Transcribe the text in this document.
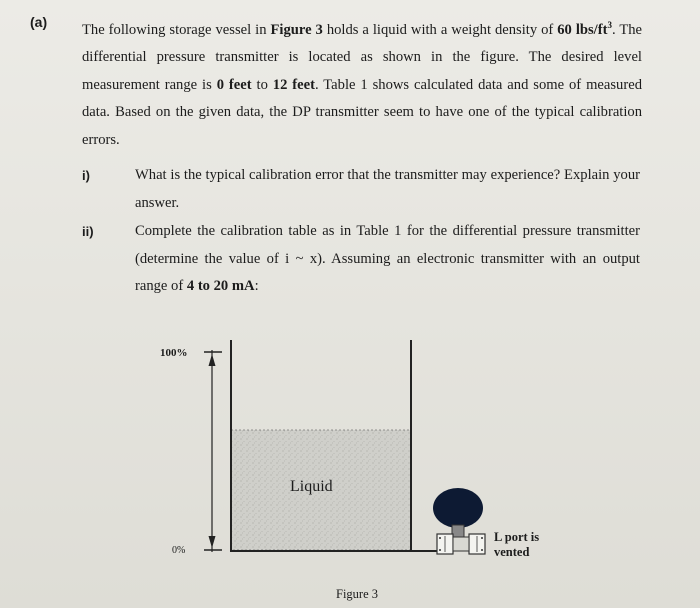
(a) The following storage vessel in Figure 3 holds a liquid with a weight density of 60 lbs/$ft^3$. The differential pressure transmitter is located as shown in the figure. The desired level measurement range is 0 feet to 12 feet. Table 1 shows calculated data and some of measured data. Based on the given data, the DP transmitter seem to have one of the typical calibration errors.
i)	What is the typical calibration error that the transmitter may experience? Explain your answer.
ii)	Complete the calibration table as in Table 1 for the differential pressure transmitter (determine the value of i ~ x). Assuming an electronic transmitter with an output range of 4 to 20 mA:
100%
0%
Liquid
L port is
vented
Figure 3
